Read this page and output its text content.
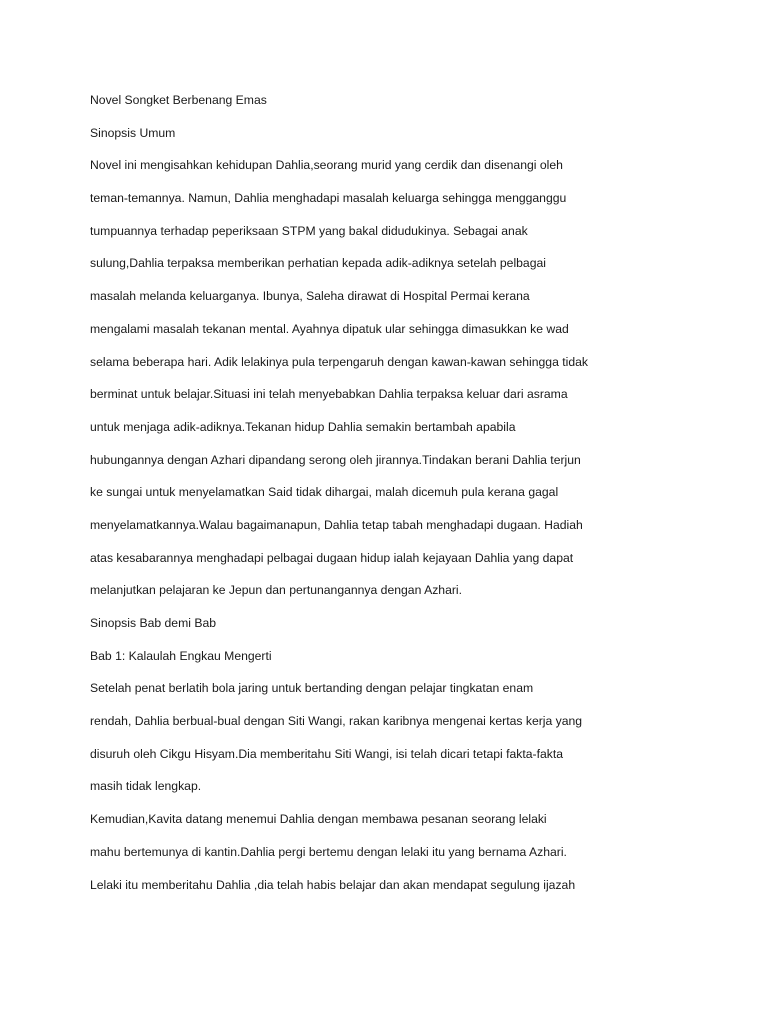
Novel Songket Berbenang Emas
Sinopsis Umum
Novel ini mengisahkan kehidupan Dahlia,seorang murid yang cerdik dan disenangi oleh
teman-temannya. Namun, Dahlia menghadapi masalah keluarga sehingga mengganggu
tumpuannya terhadap peperiksaan STPM yang bakal didudukinya. Sebagai anak
sulung,Dahlia terpaksa memberikan perhatian kepada adik-adiknya setelah pelbagai
masalah melanda keluarganya. Ibunya, Saleha dirawat di Hospital Permai kerana
mengalami masalah tekanan mental. Ayahnya dipatuk ular sehingga dimasukkan ke wad
selama beberapa hari. Adik lelakinya pula terpengaruh dengan kawan-kawan sehingga tidak
berminat untuk belajar.Situasi ini telah menyebabkan Dahlia terpaksa keluar dari asrama
untuk menjaga adik-adiknya.Tekanan hidup Dahlia semakin bertambah apabila
hubungannya dengan Azhari dipandang serong oleh jirannya.Tindakan berani Dahlia terjun
ke sungai untuk menyelamatkan Said tidak dihargai, malah dicemuh pula kerana gagal
menyelamatkannya.Walau bagaimanapun, Dahlia tetap tabah menghadapi dugaan. Hadiah
atas kesabarannya menghadapi pelbagai dugaan hidup ialah kejayaan Dahlia yang dapat
melanjutkan pelajaran ke Jepun dan pertunangannya dengan Azhari.
Sinopsis Bab demi Bab
Bab 1: Kalaulah Engkau Mengerti
Setelah penat berlatih bola jaring untuk bertanding dengan pelajar tingkatan enam
rendah, Dahlia berbual-bual dengan Siti Wangi, rakan karibnya mengenai kertas kerja yang
disuruh oleh Cikgu Hisyam.Dia memberitahu Siti Wangi, isi telah dicari tetapi fakta-fakta
masih tidak lengkap.
Kemudian,Kavita datang menemui Dahlia dengan membawa pesanan seorang lelaki
mahu bertemunya di kantin.Dahlia pergi bertemu dengan lelaki itu yang bernama Azhari.
Lelaki itu memberitahu Dahlia ,dia telah habis belajar dan akan mendapat segulung ijazah
